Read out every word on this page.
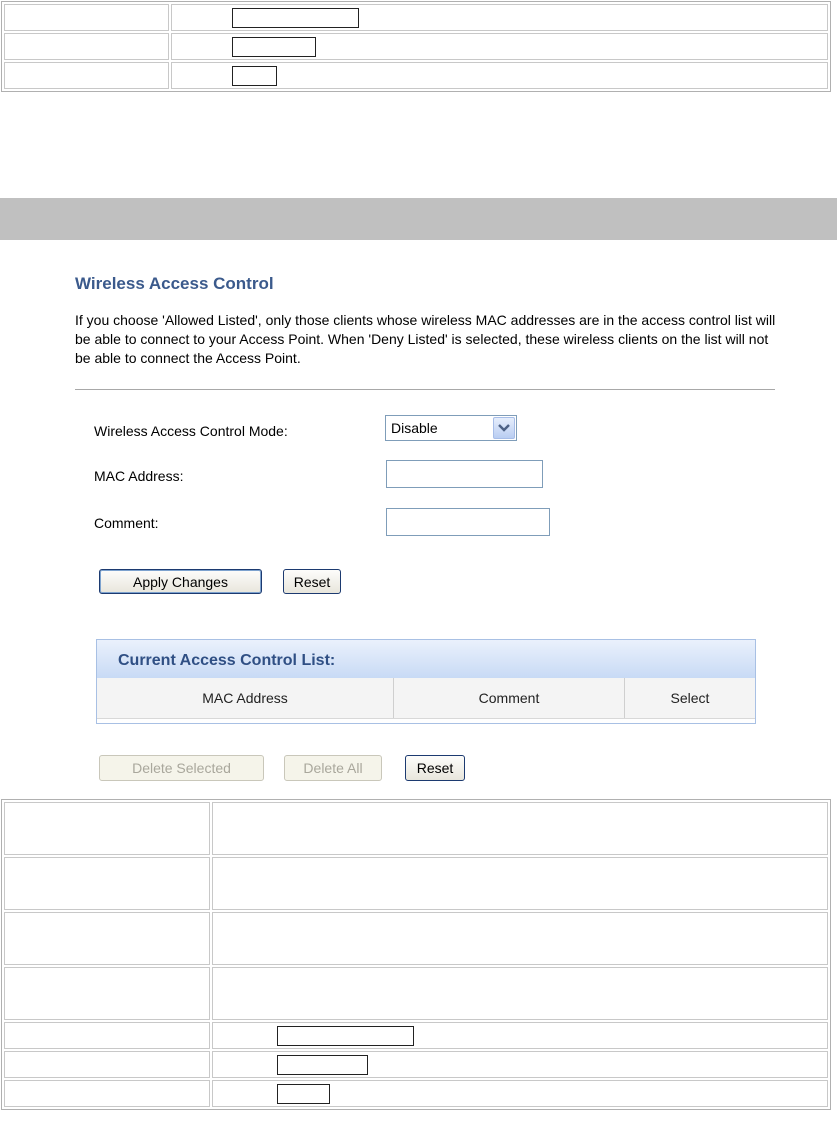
Wireless Access Control
If you choose 'Allowed Listed', only those clients whose wireless MAC addresses are in the access control list will be able to connect to your Access Point. When 'Deny Listed' is selected, these wireless clients on the list will not be able to connect the Access Point.
Wireless Access Control Mode:	Disable
MAC Address:
Comment:
Apply Changes	Reset
Current Access Control List:
MAC Address	Comment	Select
Delete Selected	Delete All	Reset
